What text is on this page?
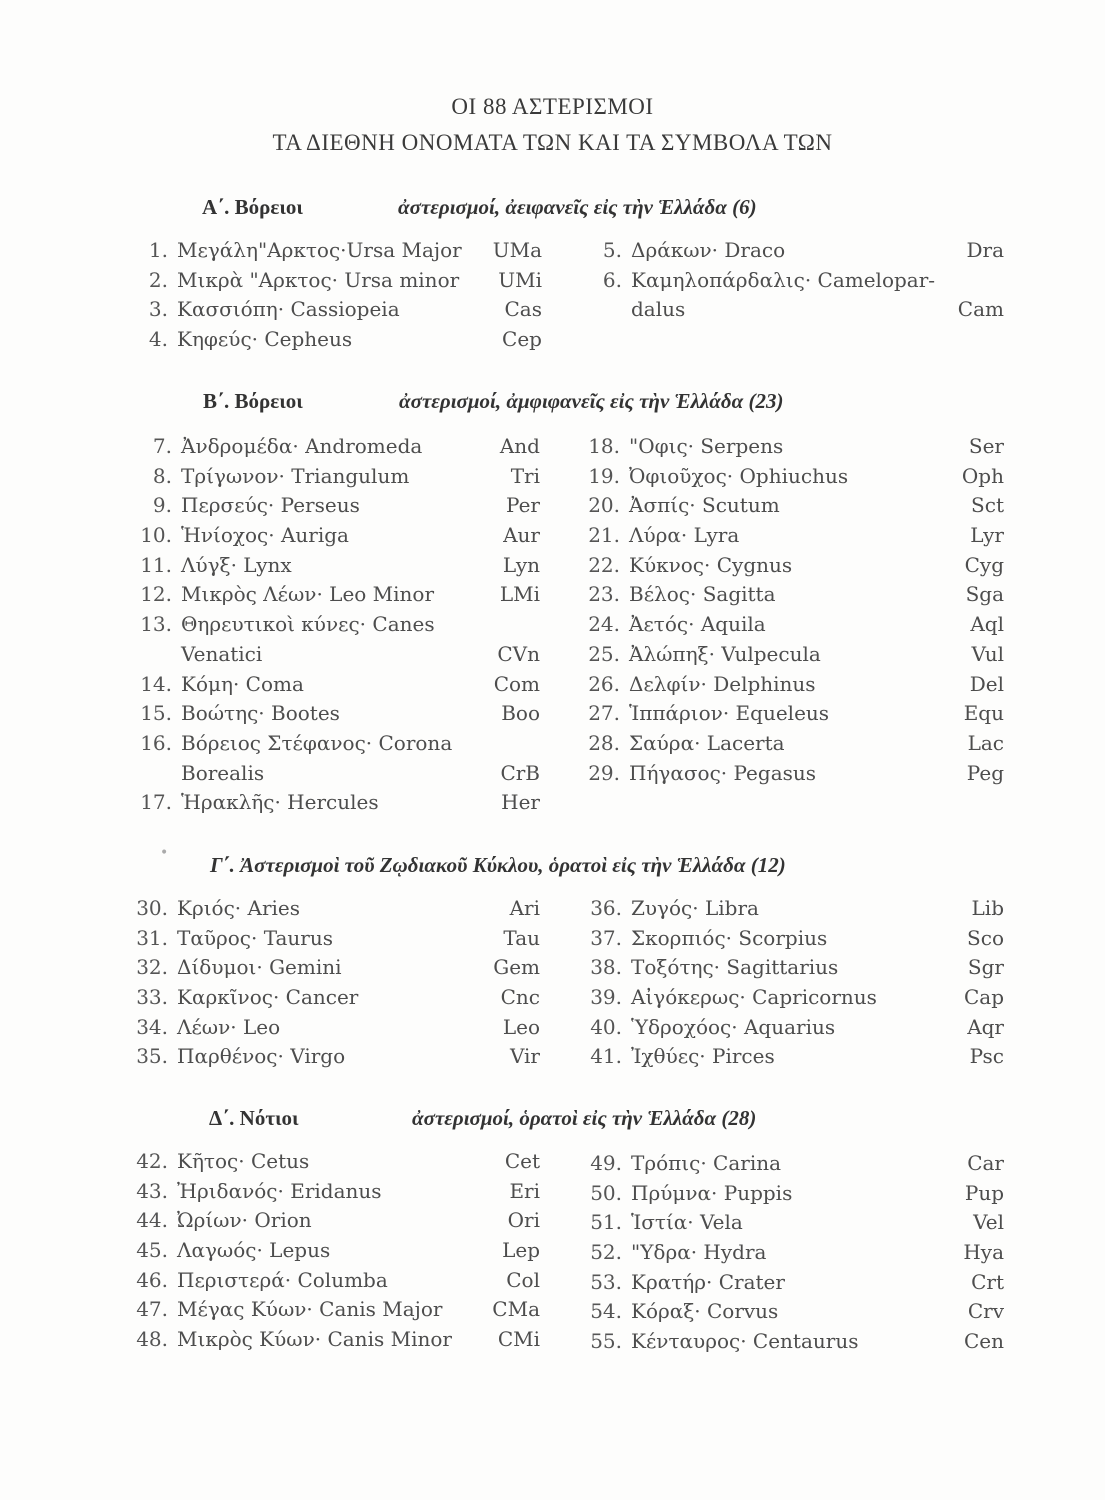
ΟΙ 88 ΑΣΤΕΡΙΣΜΟΙ
ΤΑ ΔΙΕΘΝΗ ΟΝΟΜΑΤΑ ΤΩΝ ΚΑΙ ΤΑ ΣΥΜΒΟΛΑ ΤΩΝ
Α΄. Βόρειοι	ἀστερισμοί, ἀειφανεῖς εἰς τὴν Ἑλλάδα (6)
1. Μεγάλη"Αρκτος·Ursa Major UMa
2. Μικρὰ "Αρκτος· Ursa minor UMi
3. Κασσιόπη· Cassiopeia	Cas
4. Κηφεύς· Cepheus	Cep
5. Δράκων· Draco	Dra
6. Καμηλοπάρδαλις· Camelopar-
dalus	Cam
Β΄. Βόρειοι	ἀστερισμοί, ἀμφιφανεῖς εἰς τὴν Ἑλλάδα (23)
7. Ἀνδρομέδα· Andromeda	And
8. Τρίγωνον· Triangulum	Tri
9. Περσεύς· Perseus	Per
10. Ἡνίοχος· Auriga	Aur
11. Λύγξ· Lynx	Lyn
12. Μικρὸς Λέων· Leo Minor	LMi
13. Θηρευτικοὶ κύνες· Canes
Venatici	CVn
14. Κόμη· Coma	Com
15. Βοώτης· Bootes	Boo
16. Βόρειος Στέφανος· Corona
Borealis	CrB
17. Ἡρακλῆς· Hercules	Her
18. "Οφις· Serpens	Ser
19. Ὀφιοῦχος· Ophiuchus	Oph
20. Ἀσπίς· Scutum	Sct
21. Λύρα· Lyra	Lyr
22. Κύκνος· Cygnus	Cyg
23. Βέλος· Sagitta	Sga
24. Ἀετός· Aquila	Aql
25. Ἀλώπηξ· Vulpecula	Vul
26. Δελφίν· Delphinus	Del
27. Ἱππάριον· Equeleus	Equ
28. Σαύρα· Lacerta	Lac
29. Πήγασος· Pegasus	Peg
• Γ΄. Ἀστερισμοὶ τοῦ Ζῳδιακοῦ Κύκλου, ὁρατοὶ εἰς τὴν Ἑλλάδα (12)
30. Κριός· Aries	Ari
31. Ταῦρος· Taurus	Tau
32. Δίδυμοι· Gemini	Gem
33. Καρκῖνος· Cancer	Cnc
34. Λέων· Leo	Leo
35. Παρθένος· Virgo	Vir
36. Ζυγός· Libra	Lib
37. Σκορπιός· Scorpius	Sco
38. Τοξότης· Sagittarius	Sgr
39. Αἰγόκερως· Capricornus	Cap
40. Ὑδροχόος· Aquarius	Aqr
41. Ἰχθύες· Pirces	Psc
Δ΄. Νότιοι	ἀστερισμοί, ὁρατοὶ εἰς τὴν Ἑλλάδα (28)
42. Κῆτος· Cetus	Cet
43. Ἠριδανός· Eridanus	Eri
44. Ὠρίων· Orion	Ori
45. Λαγωός· Lepus	Lep
46. Περιστερά· Columba	Col
47. Μέγας Κύων· Canis Major CMa
48. Μικρὸς Κύων· Canis Minor CMi
49. Τρόπις· Carina	Car
50. Πρύμνα· Puppis	Pup
51. Ἱστία· Vela	Vel
52. "Υδρα· Hydra	Hya
53. Κρατήρ· Crater	Crt
54. Κόραξ· Corvus	Crv
55. Κένταυρος· Centaurus	Cen
